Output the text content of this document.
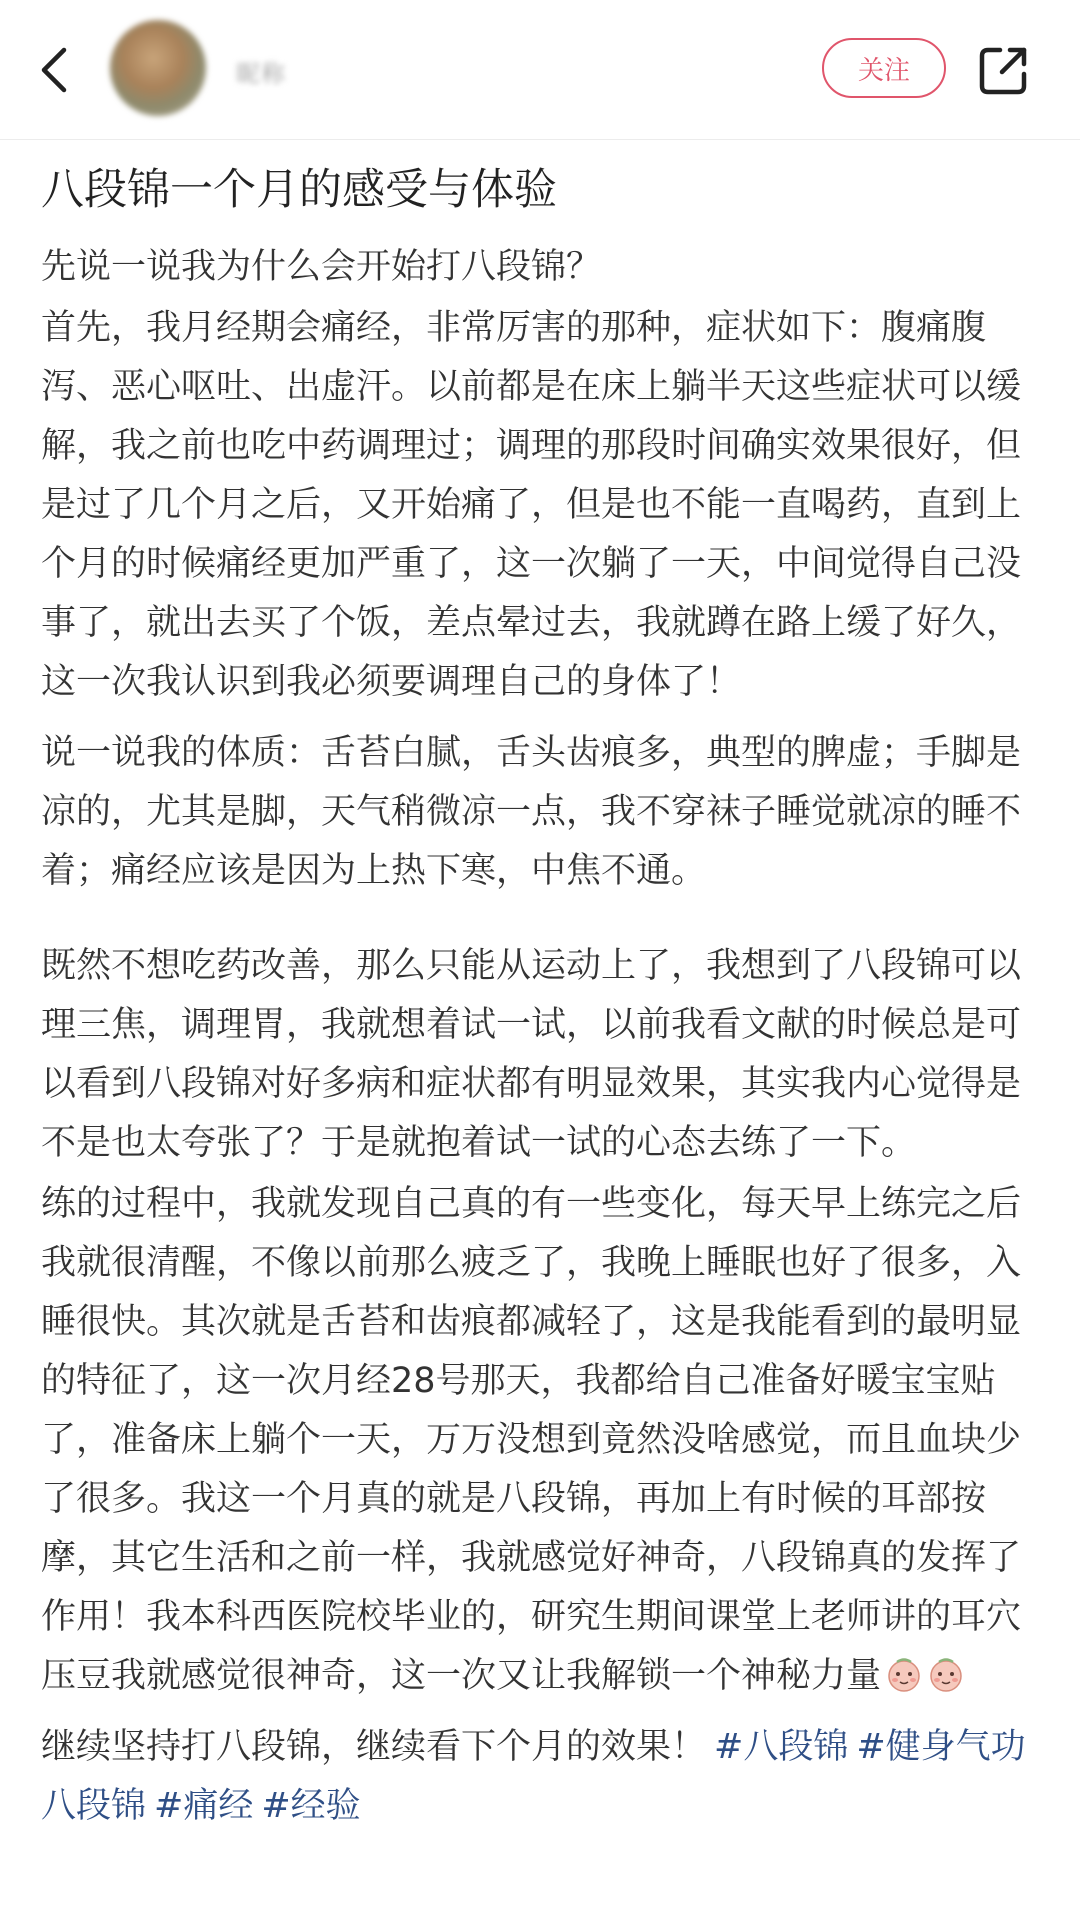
昵称	关注
八段锦一个月的感受与体验

先说一说我为什么会开始打八段锦？

首先，我月经期会痛经，非常厉害的那种，症状如下：腹痛腹泻、恶心呕吐、出虚汗。以前都是在床上躺半天这些症状可以缓解，我之前也吃中药调理过；调理的那段时间确实效果很好，但是过了几个月之后，又开始痛了，但是也不能一直喝药，直到上个月的时候痛经更加严重了，这一次躺了一天，中间觉得自己没事了，就出去买了个饭，差点晕过去，我就蹲在路上缓了好久，这一次我认识到我必须要调理自己的身体了！

说一说我的体质：舌苔白腻，舌头齿痕多，典型的脾虚；手脚是凉的，尤其是脚，天气稍微凉一点，我不穿袜子睡觉就凉的睡不着；痛经应该是因为上热下寒，中焦不通。

既然不想吃药改善，那么只能从运动上了，我想到了八段锦可以理三焦，调理胃，我就想着试一试，以前我看文献的时候总是可以看到八段锦对好多病和症状都有明显效果，其实我内心觉得是不是也太夸张了？于是就抱着试一试的心态去练了一下。

练的过程中，我就发现自己真的有一些变化，每天早上练完之后我就很清醒，不像以前那么疲乏了，我晚上睡眠也好了很多，入睡很快。其次就是舌苔和齿痕都减轻了，这是我能看到的最明显的特征了，这一次月经28号那天，我都给自己准备好暖宝宝贴了，准备床上躺个一天，万万没想到竟然没啥感觉，而且血块少了很多。我这一个月真的就是八段锦，再加上有时候的耳部按摩，其它生活和之前一样，我就感觉好神奇，八段锦真的发挥了作用！我本科西医院校毕业的，研究生期间课堂上老师讲的耳穴压豆我就感觉很神奇，这一次又让我解锁一个神秘力量

继续坚持打八段锦，继续看下个月的效果！ #八段锦 #健身气功八段锦 #痛经 #经验
